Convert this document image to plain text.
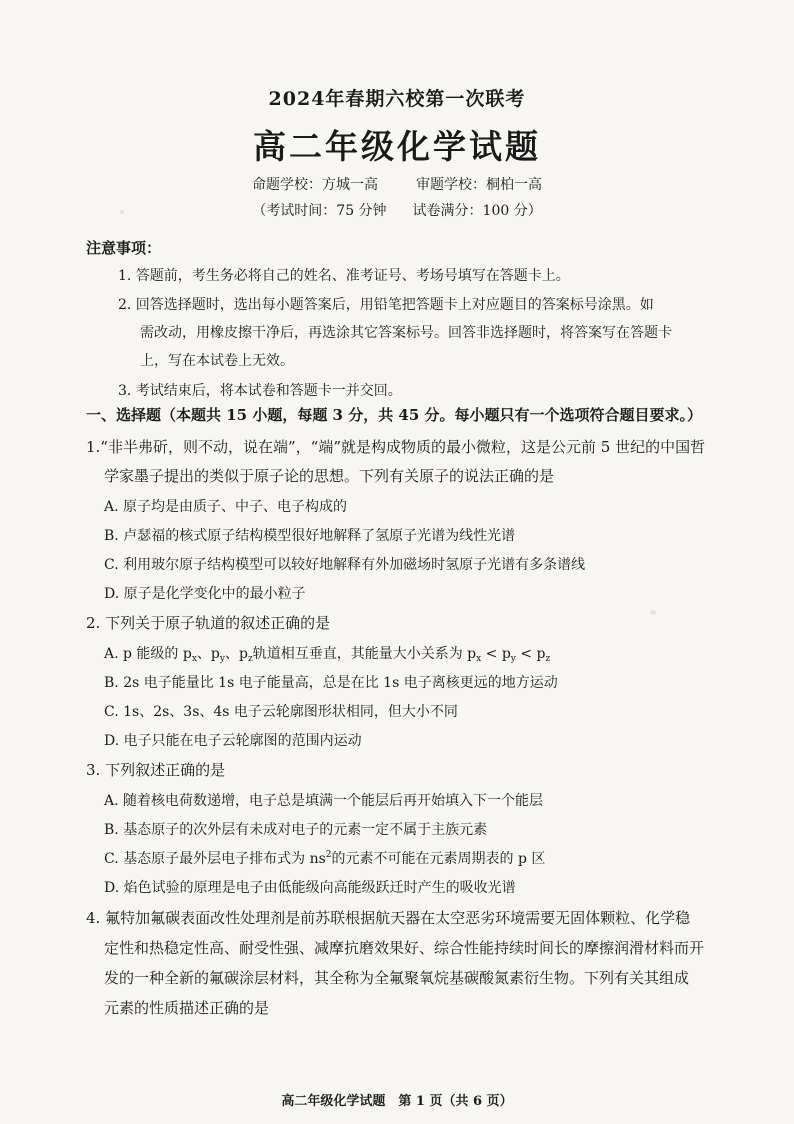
2024年春期六校第一次联考
高二年级化学试题
命题学校：方城一高	审题学校：桐柏一高
（考试时间：75 分钟 试卷满分：100 分）
注意事项：
1. 答题前，考生务必将自己的姓名、准考证号、考场号填写在答题卡上。
2. 回答选择题时，选出每小题答案后，用铅笔把答题卡上对应题目的答案标号涂黑。如
需改动，用橡皮擦干净后，再选涂其它答案标号。回答非选择题时，将答案写在答题卡
上，写在本试卷上无效。
3. 考试结束后，将本试卷和答题卡一并交回。
一、选择题（本题共 15 小题，每题 3 分，共 45 分。每小题只有一个选项符合题目要求。）
1.“非半弗斫，则不动，说在端”，“端”就是构成物质的最小微粒，这是公元前 5 世纪的中国哲
学家墨子提出的类似于原子论的思想。下列有关原子的说法正确的是
A. 原子均是由质子、中子、电子构成的
B. 卢瑟福的核式原子结构模型很好地解释了氢原子光谱为线性光谱
C. 利用玻尔原子结构模型可以较好地解释有外加磁场时氢原子光谱有多条谱线
D. 原子是化学变化中的最小粒子
2. 下列关于原子轨道的叙述正确的是
A. p 能级的 $p_x$、$p_y$、$p_z$轨道相互垂直，其能量大小关系为 $p_x < p_y < p_z$
B. 2s 电子能量比 1s 电子能量高，总是在比 1s 电子离核更远的地方运动
C. 1s、2s、3s、4s 电子云轮廓图形状相同，但大小不同
D. 电子只能在电子云轮廓图的范围内运动
3. 下列叙述正确的是
A. 随着核电荷数递增，电子总是填满一个能层后再开始填入下一个能层
B. 基态原子的次外层有未成对电子的元素一定不属于主族元素
C. 基态原子最外层电子排布式为 $ns^2$的元素不可能在元素周期表的 p 区
D. 焰色试验的原理是电子由低能级向高能级跃迁时产生的吸收光谱
4. 氟特加氟碳表面改性处理剂是前苏联根据航天器在太空恶劣环境需要无固体颗粒、化学稳
定性和热稳定性高、耐受性强、减摩抗磨效果好、综合性能持续时间长的摩擦润滑材料而开
发的一种全新的氟碳涂层材料，其全称为全氟聚氧烷基碳酸氮素衍生物。下列有关其组成
元素的性质描述正确的是
高二年级化学试题　第 1 页（共 6 页）
